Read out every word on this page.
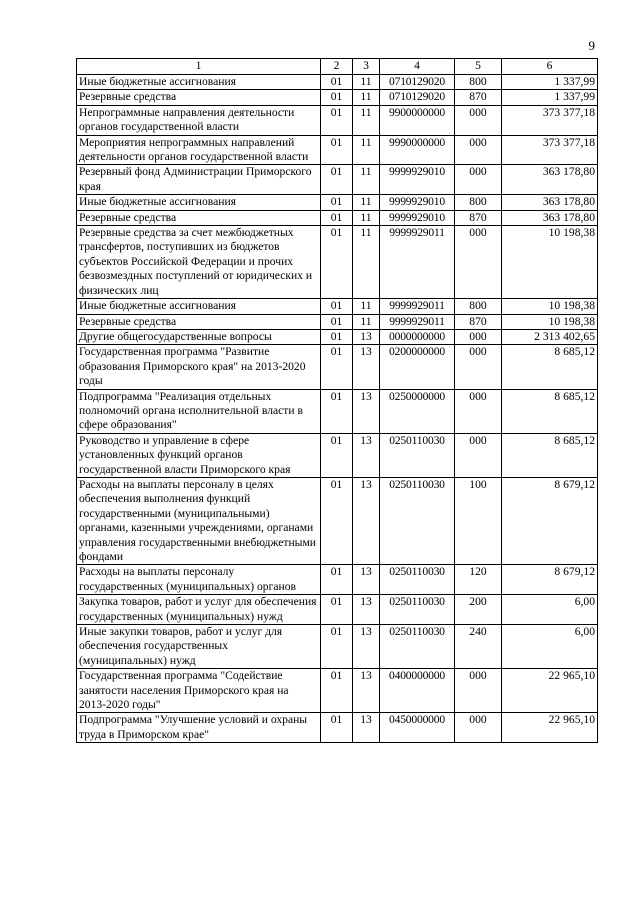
9
1	2	3	4	5	6
Иные бюджетные ассигнования	01	11	0710129020	800	1 337,99
Резервные средства	01	11	0710129020	870	1 337,99
Непрограммные направления деятельности органов государственной власти	01	11	9900000000	000	373 377,18
Мероприятия непрограммных направлений деятельности органов государственной власти	01	11	9990000000	000	373 377,18
Резервный фонд Администрации Приморского края	01	11	9999929010	000	363 178,80
Иные бюджетные ассигнования	01	11	9999929010	800	363 178,80
Резервные средства	01	11	9999929010	870	363 178,80
Резервные средства за счет межбюджетных трансфертов, поступивших из бюджетов субъектов Российской Федерации и прочих безвозмездных поступлений от юридических и физических лиц	01	11	9999929011	000	10 198,38
Иные бюджетные ассигнования	01	11	9999929011	800	10 198,38
Резервные средства	01	11	9999929011	870	10 198,38
Другие общегосударственные вопросы	01	13	0000000000	000	2 313 402,65
Государственная программа "Развитие образования Приморского края" на 2013-2020 годы	01	13	0200000000	000	8 685,12
Подпрограмма "Реализация отдельных полномочий органа исполнительной власти в сфере образования"	01	13	0250000000	000	8 685,12
Руководство и управление в сфере установленных функций органов государственной власти Приморского края	01	13	0250110030	000	8 685,12
Расходы на выплаты персоналу в целях обеспечения выполнения функций государственными (муниципальными) органами, казенными учреждениями, органами управления государственными внебюджетными фондами	01	13	0250110030	100	8 679,12
Расходы на выплаты персоналу государственных (муниципальных) органов	01	13	0250110030	120	8 679,12
Закупка товаров, работ и услуг для обеспечения государственных (муниципальных) нужд	01	13	0250110030	200	6,00
Иные закупки товаров, работ и услуг для обеспечения государственных (муниципальных) нужд	01	13	0250110030	240	6,00
Государственная программа "Содействие занятости населения Приморского края на 2013-2020 годы"	01	13	0400000000	000	22 965,10
Подпрограмма "Улучшение условий и охраны труда в Приморском крае"	01	13	0450000000	000	22 965,10
